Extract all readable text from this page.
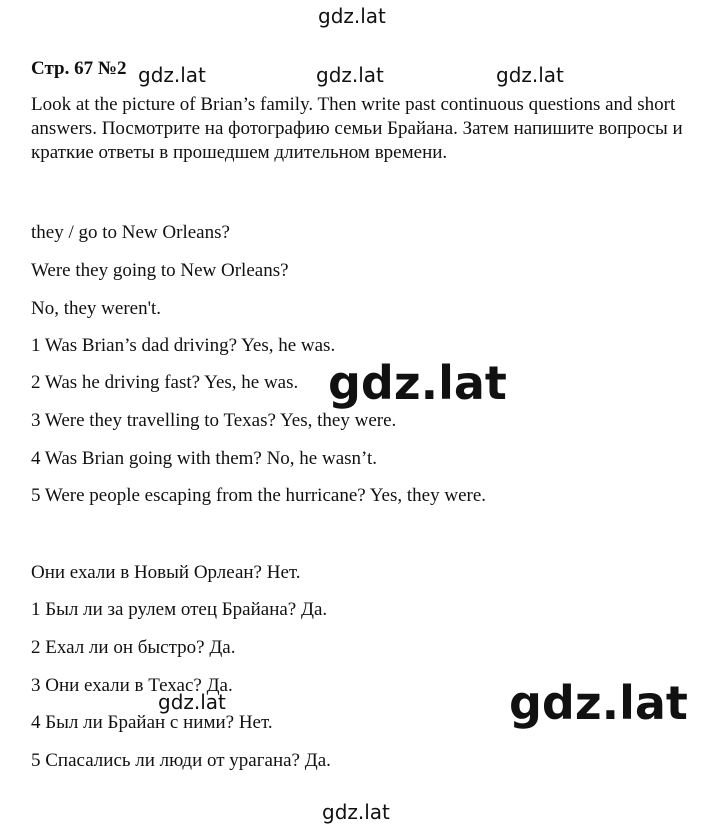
Стр. 67 №2

Look at the picture of Brian’s family. Then write past continuous questions and short answers. Посмотрите на фотографию семьи Брайана. Затем напишите вопросы и краткие ответы в прошедшем длительном времени.

they / go to New Orleans?
Were they going to New Orleans?
No, they weren't.
1 Was Brian’s dad driving? Yes, he was.
2 Was he driving fast? Yes, he was.
3 Were they travelling to Texas? Yes, they were.
4 Was Brian going with them? No, he wasn’t.
5 Were people escaping from the hurricane? Yes, they were.
Они ехали в Новый Орлеан? Нет.
1 Был ли за рулем отец Брайана? Да.
2 Ехал ли он быстро? Да.
3 Они ехали в Техас? Да.
4 Был ли Брайан с ними? Нет.
5 Спасались ли люди от урагана? Да.
gdz.lat
gdz.lat	gdz.lat	gdz.lat
gdz.lat
gdz.lat	gdz.lat
gdz.lat
